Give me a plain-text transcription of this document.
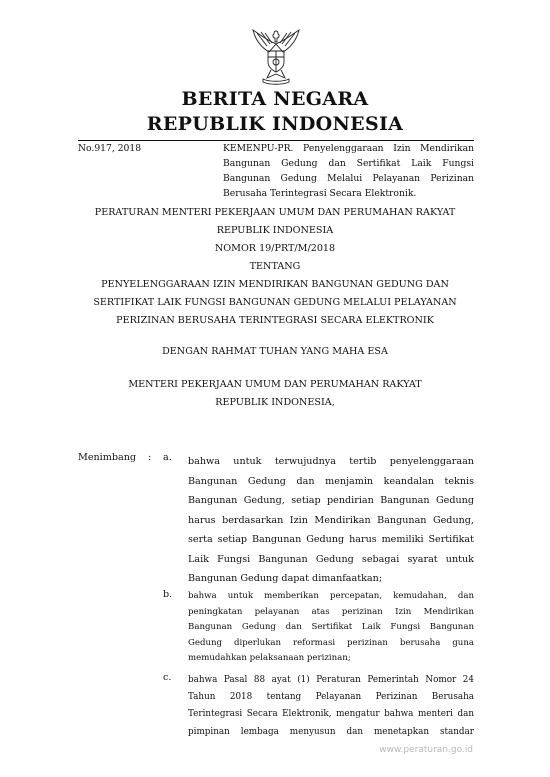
BERITA NEGARA
REPUBLIK INDONESIA
No.917, 2018	KEMENPU-PR. Penyelenggaraan Izin Mendirikan
Bangunan Gedung dan Sertifikat Laik Fungsi
Bangunan Gedung Melalui Pelayanan Perizinan
Berusaha Terintegrasi Secara Elektronik.
PERATURAN MENTERI PEKERJAAN UMUM DAN PERUMAHAN RAKYAT
REPUBLIK INDONESIA
NOMOR 19/PRT/M/2018
TENTANG
PENYELENGGARAAN IZIN MENDIRIKAN BANGUNAN GEDUNG DAN
SERTIFIKAT LAIK FUNGSI BANGUNAN GEDUNG MELALUI PELAYANAN
PERIZINAN BERUSAHA TERINTEGRASI SECARA ELEKTRONIK
DENGAN RAHMAT TUHAN YANG MAHA ESA
MENTERI PEKERJAAN UMUM DAN PERUMAHAN RAKYAT
REPUBLIK INDONESIA,
Menimbang : a. bahwa untuk terwujudnya tertib penyelenggaraan
Bangunan Gedung dan menjamin keandalan teknis
Bangunan Gedung, setiap pendirian Bangunan Gedung
harus berdasarkan Izin Mendirikan Bangunan Gedung,
serta setiap Bangunan Gedung harus memiliki Sertifikat
Laik Fungsi Bangunan Gedung sebagai syarat untuk
Bangunan Gedung dapat dimanfaatkan;
b. bahwa untuk memberikan percepatan, kemudahan, dan
peningkatan pelayanan atas perizinan Izin Mendirikan
Bangunan Gedung dan Sertifikat Laik Fungsi Bangunan
Gedung diperlukan reformasi perizinan berusaha guna
memudahkan pelaksanaan perizinan;
c. bahwa Pasal 88 ayat (1) Peraturan Pemerintah Nomor 24
Tahun 2018 tentang Pelayanan Perizinan Berusaha
Terintegrasi Secara Elektronik, mengatur bahwa menteri dan
pimpinan lembaga menyusun dan menetapkan standar
www.peraturan.go.id
